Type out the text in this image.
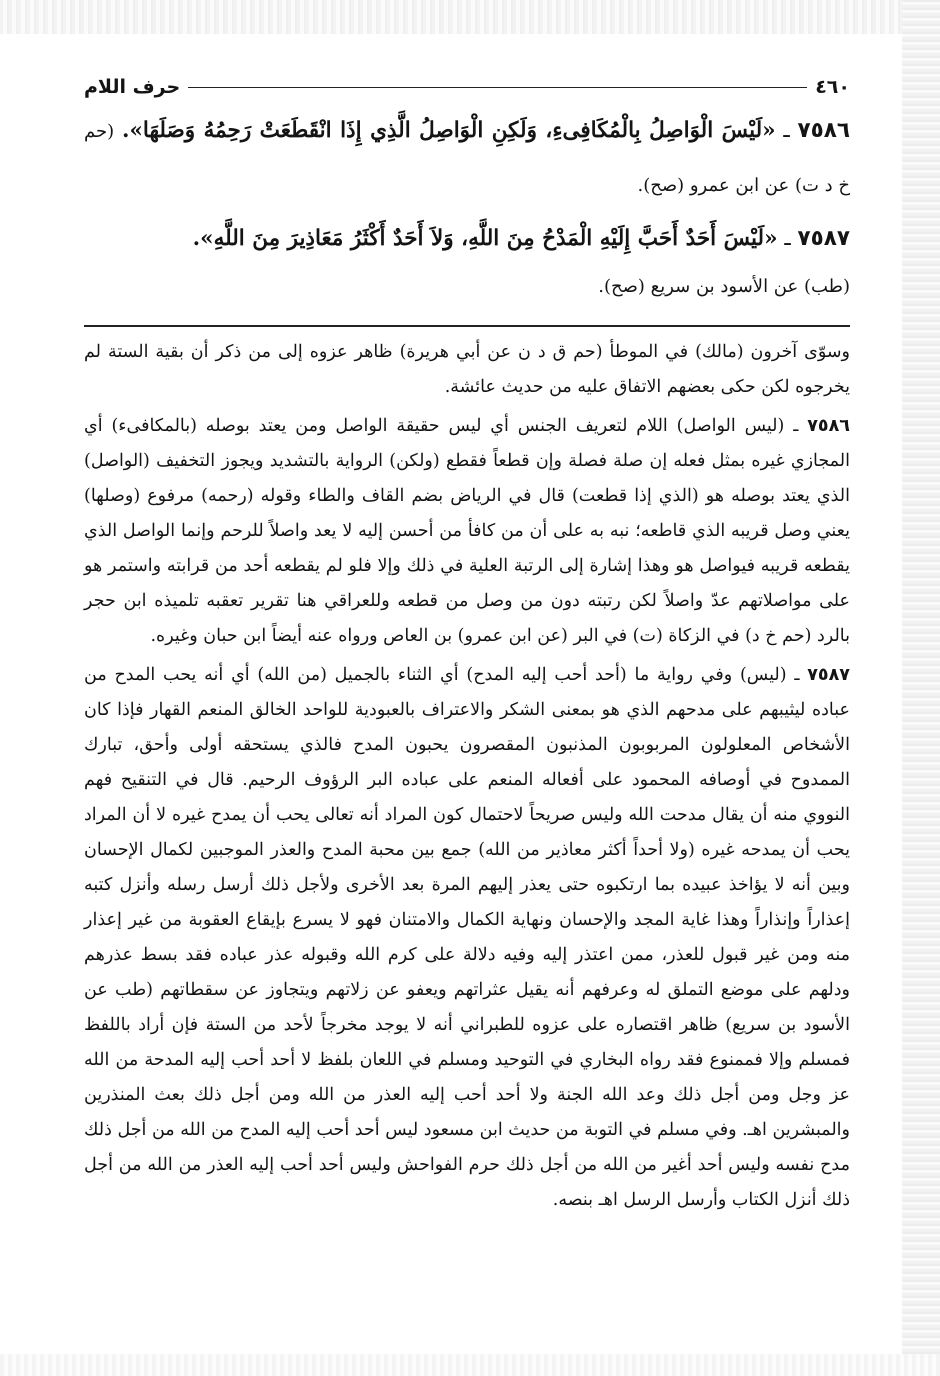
٤٦٠
حرف اللام

٧٥٨٦ ـ «لَيْسَ الْوَاصِلُ بِالْمُكَافِىءِ، وَلَكِنِ الْوَاصِلُ الَّذِي إِذَا انْقَطَعَتْ رَحِمُهُ وَصَلَهَا». (حم خ د ت) عن ابن عمرو (صح).

٧٥٨٧ ـ «لَيْسَ أَحَدٌ أَحَبَّ إِلَيْهِ الْمَدْحُ مِنَ اللَّهِ، وَلاَ أَحَدٌ أَكْثَرُ مَعَاذِيرَ مِنَ اللَّهِ».

(طب) عن الأسود بن سريع (صح).

وسوّى آخرون (مالك) في الموطأ (حم ق د ن عن أبي هريرة) ظاهر عزوه إلى من ذكر أن بقية الستة لم يخرجوه لكن حكى بعضهم الاتفاق عليه من حديث عائشة.

٧٥٨٦ ـ (ليس الواصل) اللام لتعريف الجنس أي ليس حقيقة الواصل ومن يعتد بوصله (بالمكافىء) أي المجازي غيره بمثل فعله إن صلة فصلة وإن قطعاً فقطع (ولكن) الرواية بالتشديد ويجوز التخفيف (الواصل) الذي يعتد بوصله هو (الذي إذا قطعت) قال في الرياض بضم القاف والطاء وقوله (رحمه) مرفوع (وصلها) يعني وصل قريبه الذي قاطعه؛ نبه به على أن من كافأ من أحسن إليه لا يعد واصلاً للرحم وإنما الواصل الذي يقطعه قريبه فيواصل هو وهذا إشارة إلى الرتبة العلية في ذلك وإلا فلو لم يقطعه أحد من قرابته واستمر هو على مواصلاتهم عدّ واصلاً لكن رتبته دون من وصل من قطعه وللعراقي هنا تقرير تعقبه تلميذه ابن حجر بالرد (حم خ د) في الزكاة (ت) في البر (عن ابن عمرو) بن العاص ورواه عنه أيضاً ابن حبان وغيره.

٧٥٨٧ ـ (ليس) وفي رواية ما (أحد أحب إليه المدح) أي الثناء بالجميل (من الله) أي أنه يحب المدح من عباده ليثيبهم على مدحهم الذي هو بمعنى الشكر والاعتراف بالعبودية للواحد الخالق المنعم القهار فإذا كان الأشخاص المعلولون المربوبون المذنبون المقصرون يحبون المدح فالذي يستحقه أولى وأحق، تبارك الممدوح في أوصافه المحمود على أفعاله المنعم على عباده البر الرؤوف الرحيم. قال في التنقيح فهم النووي منه أن يقال مدحت الله وليس صريحاً لاحتمال كون المراد أنه تعالى يحب أن يمدح غيره لا أن المراد يحب أن يمدحه غيره (ولا أحداً أكثر معاذير من الله) جمع بين محبة المدح والعذر الموجبين لكمال الإحسان وبين أنه لا يؤاخذ عبيده بما ارتكبوه حتى يعذر إليهم المرة بعد الأخرى ولأجل ذلك أرسل رسله وأنزل كتبه إعذاراً وإنذاراً وهذا غاية المجد والإحسان ونهاية الكمال والامتنان فهو لا يسرع بإيقاع العقوبة من غير إعذار منه ومن غير قبول للعذر، ممن اعتذر إليه وفيه دلالة على كرم الله وقبوله عذر عباده فقد بسط عذرهم ودلهم على موضع التملق له وعرفهم أنه يقيل عثراتهم ويعفو عن زلاتهم ويتجاوز عن سقطاتهم (طب عن الأسود بن سريع) ظاهر اقتصاره على عزوه للطبراني أنه لا يوجد مخرجاً لأحد من الستة فإن أراد باللفظ فمسلم وإلا فممنوع فقد رواه البخاري في التوحيد ومسلم في اللعان بلفظ لا أحد أحب إليه المدحة من الله عز وجل ومن أجل ذلك وعد الله الجنة ولا أحد أحب إليه العذر من الله ومن أجل ذلك بعث المنذرين والمبشرين اهـ. وفي مسلم في التوبة من حديث ابن مسعود ليس أحد أحب إليه المدح من الله من أجل ذلك مدح نفسه وليس أحد أغير من الله من أجل ذلك حرم الفواحش وليس أحد أحب إليه العذر من الله من أجل ذلك أنزل الكتاب وأرسل الرسل اهـ بنصه.
